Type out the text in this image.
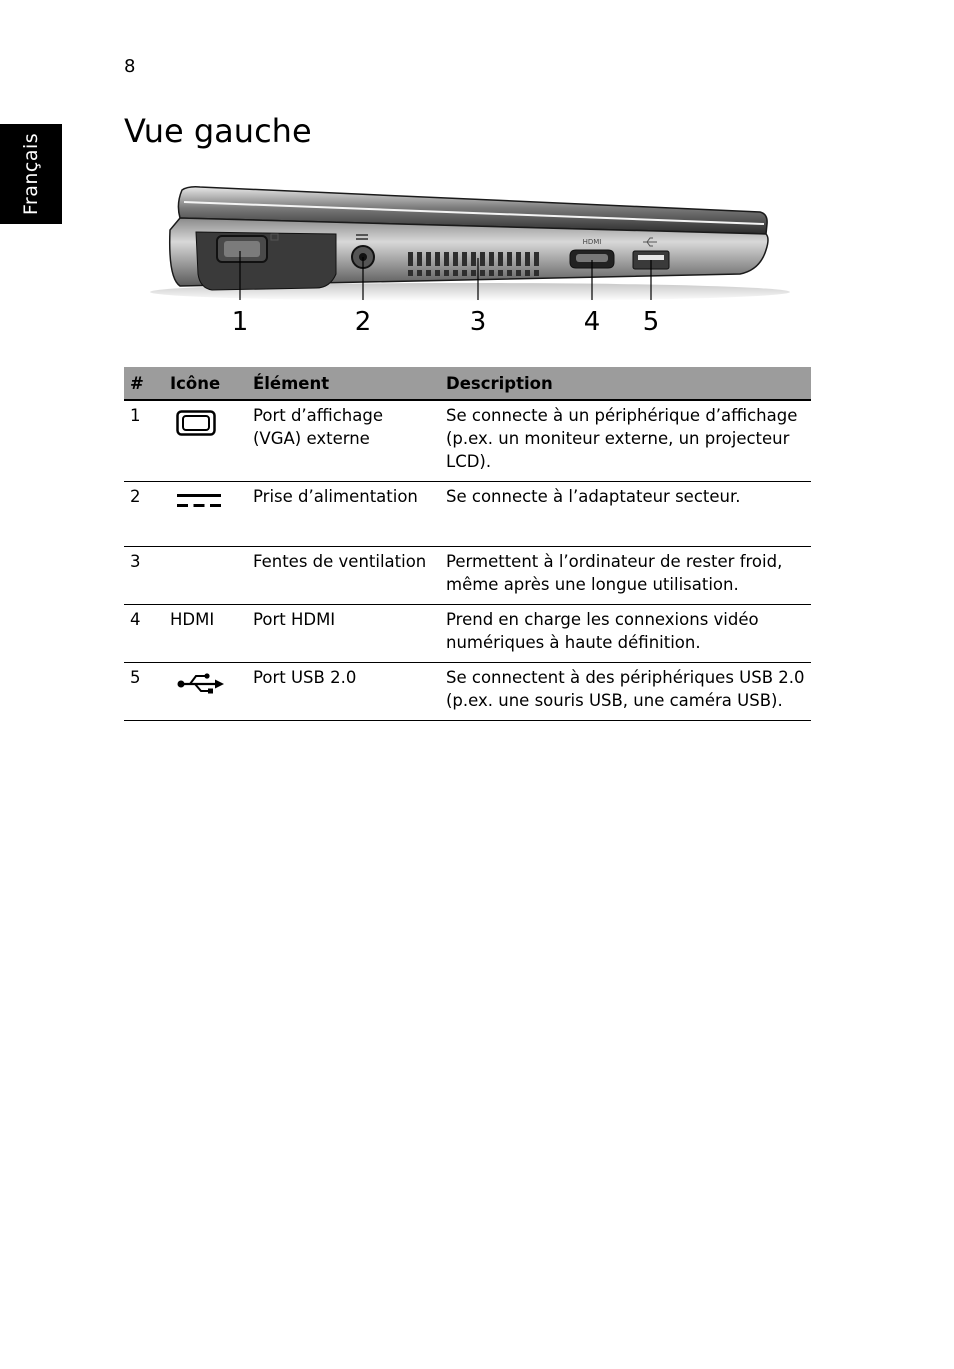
8
Français
Vue gauche
HDMI
1	2	3	4 5
#	Icône	Élément	Description
1		Port d’affichage (VGA) externe	Se connecte à un périphérique d’affichage (p.ex. un moniteur externe, un projecteur LCD).
2		Prise d’alimentation	Se connecte à l’adaptateur secteur.
3		Fentes de ventilation	Permettent à l’ordinateur de rester froid, même après une longue utilisation.
4	HDMI	Port HDMI	Prend en charge les connexions vidéo numériques à haute définition.
5		Port USB 2.0	Se connectent à des périphériques USB 2.0 (p.ex. une souris USB, une caméra USB).
